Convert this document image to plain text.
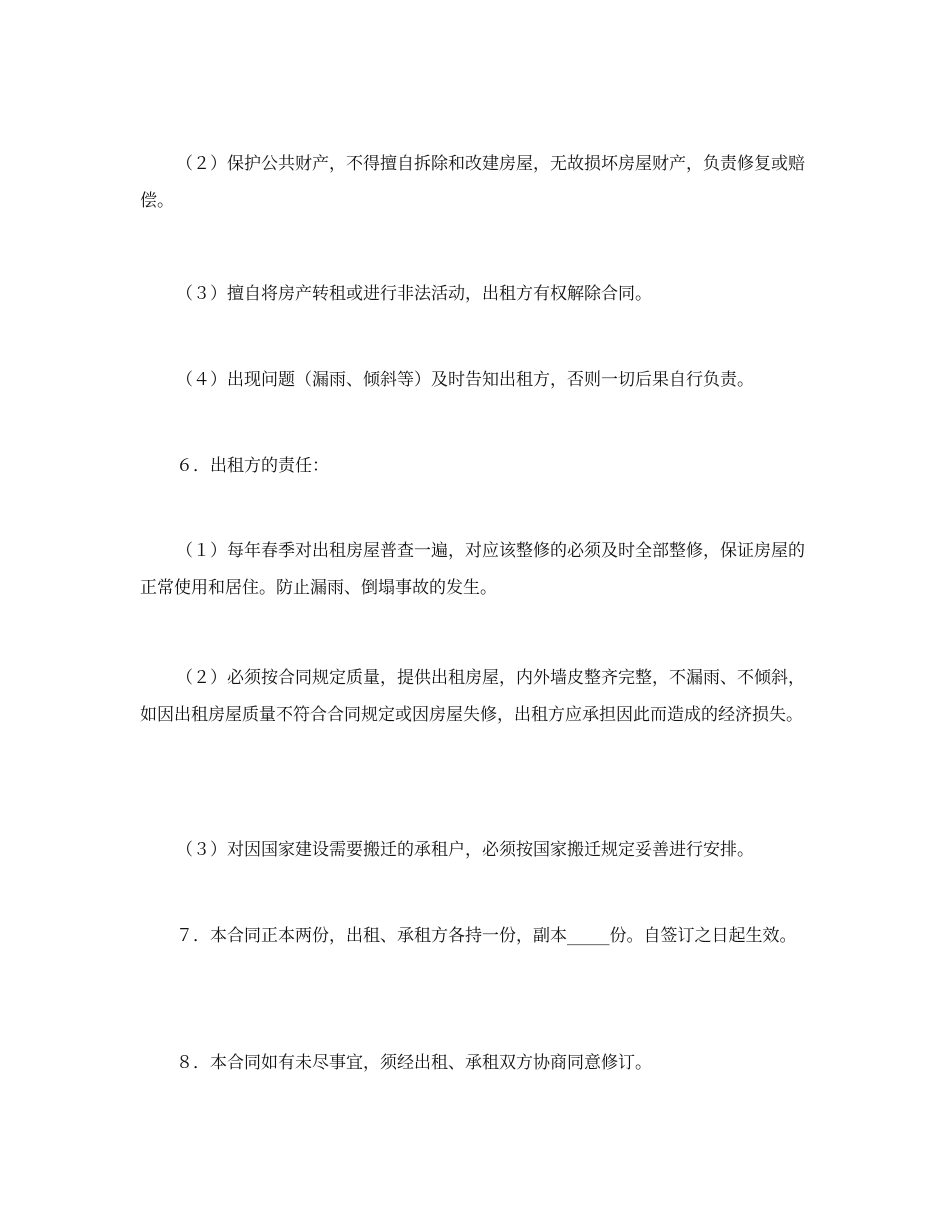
（２）保护公共财产，不得擅自拆除和改建房屋，无故损坏房屋财产，负责修复或赔偿。

（３）擅自将房产转租或进行非法活动，出租方有权解除合同。

（４）出现问题（漏雨、倾斜等）及时告知出租方，否则一切后果自行负责。

６．出租方的责任：

（１）每年春季对出租房屋普查一遍，对应该整修的必须及时全部整修，保证房屋的正常使用和居住。防止漏雨、倒塌事故的发生。

（２）必须按合同规定质量，提供出租房屋，内外墙皮整齐完整，不漏雨、不倾斜，如因出租房屋质量不符合合同规定或因房屋失修，出租方应承担因此而造成的经济损失。

（３）对因国家建设需要搬迁的承租户，必须按国家搬迁规定妥善进行安排。

７．本合同正本两份，出租、承租方各持一份，副本_____份。自签订之日起生效。

８．本合同如有未尽事宜，须经出租、承租双方协商同意修订。
